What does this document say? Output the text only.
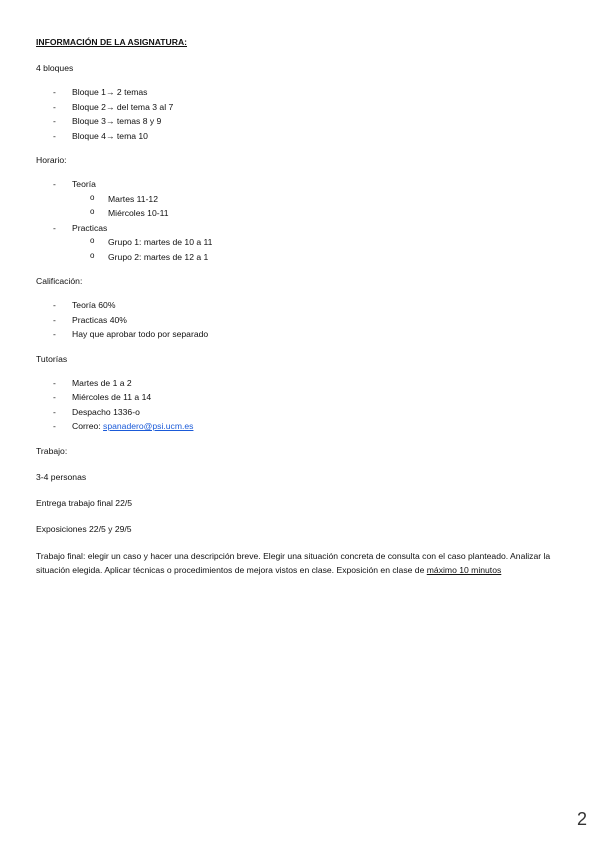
INFORMACIÓN DE LA ASIGNATURA:

4 bloques

- Bloque 1→ 2 temas
- Bloque 2→ del tema 3 al 7
- Bloque 3→ temas 8 y 9
- Bloque 4→ tema 10

Horario:

- Teoría
o Martes 11-12
o Miércoles 10-11
- Practicas
o Grupo 1: martes de 10 a 11
o Grupo 2: martes de 12 a 1

Calificación:

- Teoría 60%
- Practicas 40%
- Hay que aprobar todo por separado

Tutorías

- Martes de 1 a 2
- Miércoles de 11 a 14
- Despacho 1336-o
- Correo: spanadero@psi.ucm.es

Trabajo:

3-4 personas

Entrega trabajo final 22/5

Exposiciones 22/5 y 29/5

Trabajo final: elegir un caso y hacer una descripción breve. Elegir una situación concreta de consulta con el caso planteado. Analizar la situación elegida. Aplicar técnicas o procedimientos de mejora vistos en clase. Exposición en clase de máximo 10 minutos

2
